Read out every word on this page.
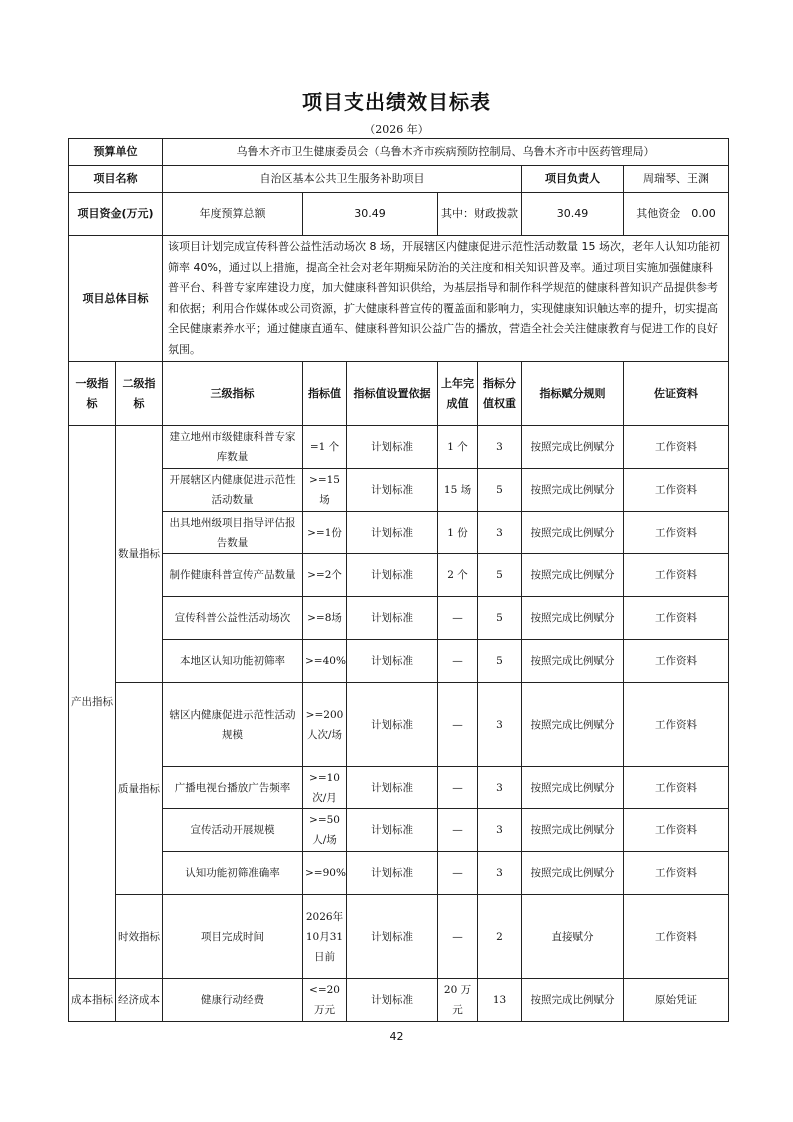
项目支出绩效目标表
（2026 年）
预算单位		乌鲁木齐市卫生健康委员会（乌鲁木齐市疾病预防控制局、乌鲁木齐市中医药管理局）						
项目名称		自治区基本公共卫生服务补助项目					项目负责人	周瑞琴、王渊
项目资金(万元)		年度预算总额	30.49		其中：财政拨款		30.49	其他资金　 0.00
项目总体目标		该项目计划完成宣传科普公益性活动场次 8 场，开展辖区内健康促进示范性活动数量 15 场次，老年人认知功能初筛率 40%，通过以上措施，提高全社会对老年期痴呆防治的关注度和相关知识普及率。通过项目实施加强健康科普平台、科普专家库建设力度，加大健康科普知识供给，为基层指导和制作科学规范的健康科普知识产品提供参考和依据；利用合作媒体或公司资源，扩大健康科普宣传的覆盖面和影响力，实现健康知识触达率的提升，切实提高全民健康素养水平；通过健康直通车、健康科普知识公益广告的播放，营造全社会关注健康教育与促进工作的良好氛围。						
一级指标	二级指标	三级指标	指标值	指标值设置依据	上年完成值	指标分值权重	指标赋分规则	佐证资料
产出指标	数量指标	建立地州市级健康科普专家库数量	=1 个	计划标准	1 个	3	按照完成比例赋分	工作资料
		开展辖区内健康促进示范性活动数量	>=15场	计划标准	15 场	5	按照完成比例赋分	工作资料
		出具地州级项目指导评估报告数量	>=1份	计划标准	1 份	3	按照完成比例赋分	工作资料
		制作健康科普宣传产品数量	>=2个	计划标准	2 个	5	按照完成比例赋分	工作资料
		宣传科普公益性活动场次	>=8场	计划标准	—	5	按照完成比例赋分	工作资料
		本地区认知功能初筛率	>=40%	计划标准	—	5	按照完成比例赋分	工作资料
	质量指标	辖区内健康促进示范性活动规模	>=200人次/场	计划标准	—	3	按照完成比例赋分	工作资料
		广播电视台播放广告频率	>=10次/月	计划标准	—	3	按照完成比例赋分	工作资料
		宣传活动开展规模	>=50人/场	计划标准	—	3	按照完成比例赋分	工作资料
		认知功能初筛准确率	>=90%	计划标准	—	3	按照完成比例赋分	工作资料
	时效指标	项目完成时间	2026年10月31日前	计划标准	—	2	直接赋分	工作资料
成本指标	经济成本	健康行动经费	<=20万元	计划标准	20 万元	13	按照完成比例赋分	原始凭证
42
